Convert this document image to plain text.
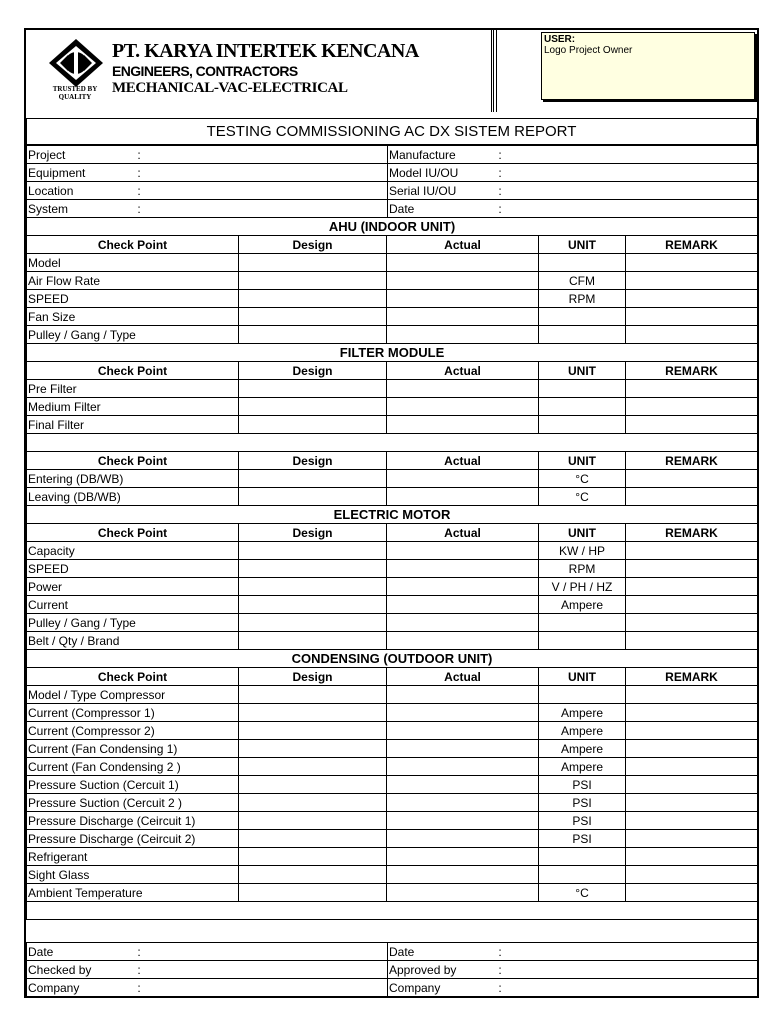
TRUSTED BY QUALITY
PT. KARYA INTERTEK KENCANA
ENGINEERS, CONTRACTORS
MECHANICAL-VAC-ELECTRICAL
USER:
Logo Project Owner
TESTING COMMISSIONING AC DX SISTEM REPORT
Project :	Manufacture :
Equipment :	Model IU/OU :
Location :	Serial IU/OU :
System :	Date :
AHU (INDOOR UNIT)				
Check Point	Design	Actual	UNIT	REMARK
Model				
Air Flow Rate			CFM	
SPEED			RPM	
Fan Size				
Pulley / Gang / Type				
FILTER MODULE				
Check Point	Design	Actual	UNIT	REMARK
Pre Filter				
Medium Filter				
Final Filter				

Check Point	Design	Actual	UNIT	REMARK
Entering (DB/WB)			°C	
Leaving (DB/WB)			°C	
ELECTRIC MOTOR				
Check Point	Design	Actual	UNIT	REMARK
Capacity			KW / HP	
SPEED			RPM	
Power			V / PH / HZ	
Current			Ampere	
Pulley / Gang / Type				
Belt / Qty / Brand				
CONDENSING (OUTDOOR UNIT)				
Check Point	Design	Actual	UNIT	REMARK
Model / Type Compressor				
Current (Compressor 1)			Ampere	
Current (Compressor 2)			Ampere	
Current (Fan Condensing 1)			Ampere	
Current (Fan Condensing 2 )			Ampere	
Pressure Suction (Cercuit 1)			PSI	
Pressure Suction (Cercuit 2 )			PSI	
Pressure Discharge (Ceircuit 1)			PSI	
Pressure Discharge (Ceircuit 2)			PSI	
Refrigerant				
Sight Glass				
Ambient Temperature			°C	

Date :	Date :
Checked by :	Approved by :
Company :	Company :
